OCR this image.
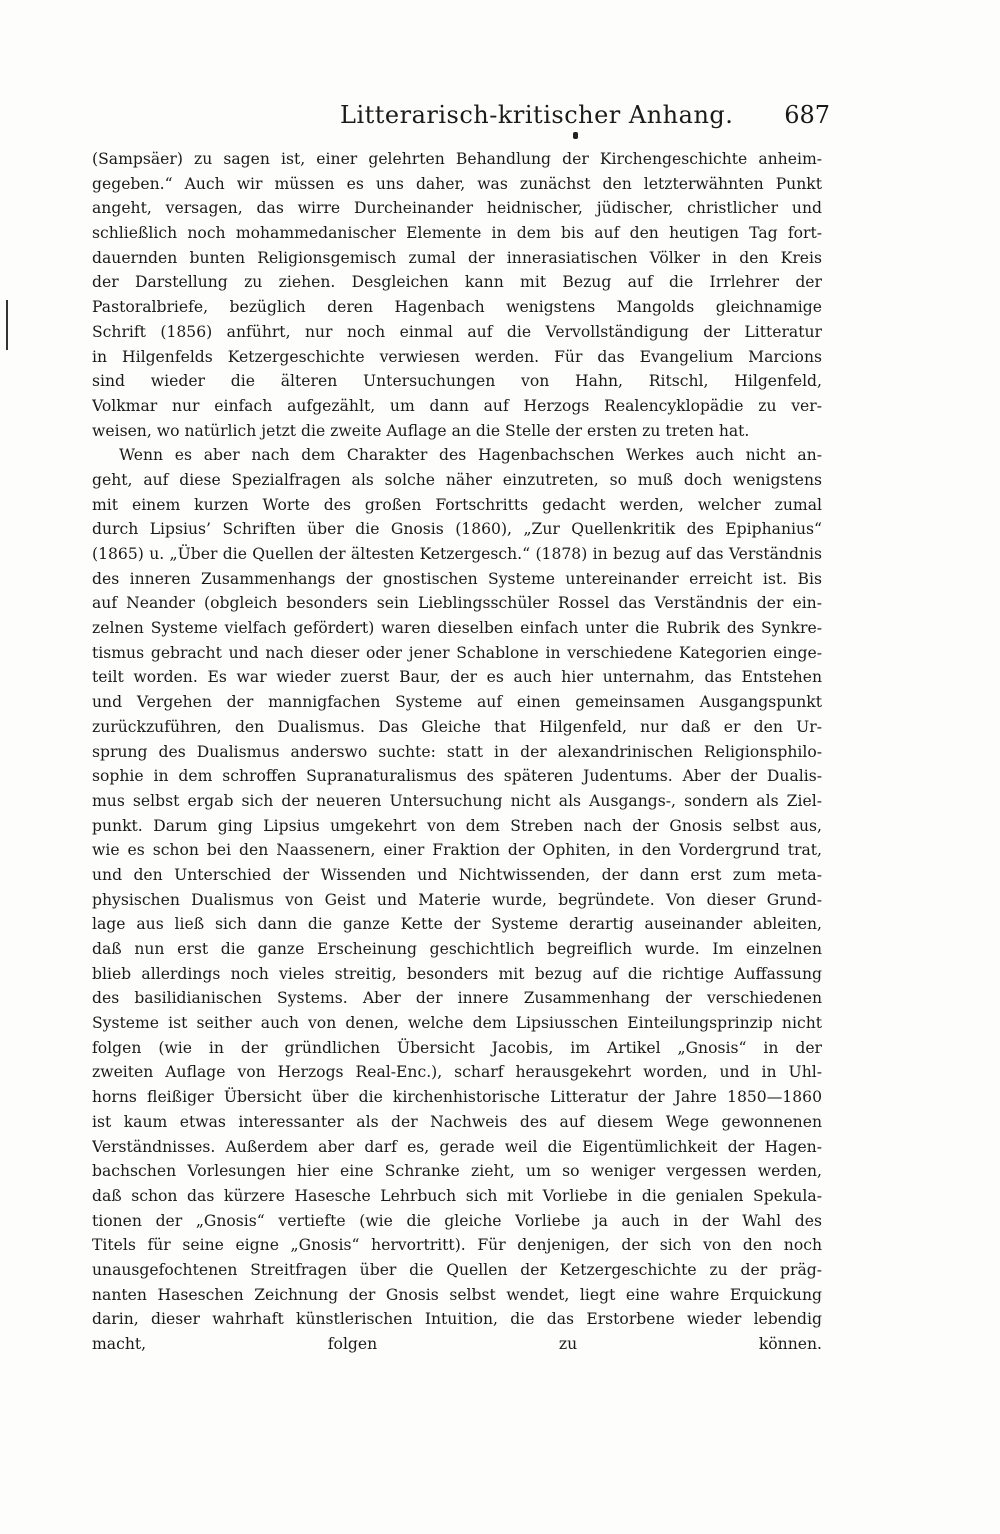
Litterarisch-kritischer Anhang. 687
(Sampsäer) zu sagen ist, einer gelehrten Behandlung der Kirchengeschichte anheim-
gegeben.“ Auch wir müssen es uns daher, was zunächst den letzterwähnten Punkt
angeht, versagen, das wirre Durcheinander heidnischer, jüdischer, christlicher und
schließlich noch mohammedanischer Elemente in dem bis auf den heutigen Tag fort-
dauernden bunten Religionsgemisch zumal der innerasiatischen Völker in den Kreis
der Darstellung zu ziehen. Desgleichen kann mit Bezug auf die Irrlehrer der
Pastoralbriefe, bezüglich deren Hagenbach wenigstens Mangolds gleichnamige
Schrift (1856) anführt, nur noch einmal auf die Vervollständigung der Litteratur
in Hilgenfelds Ketzergeschichte verwiesen werden. Für das Evangelium Marcions
sind wieder die älteren Untersuchungen von Hahn, Ritschl, Hilgenfeld,
Volkmar nur einfach aufgezählt, um dann auf Herzogs Realencyklopädie zu ver-
weisen, wo natürlich jetzt die zweite Auflage an die Stelle der ersten zu treten hat.
Wenn es aber nach dem Charakter des Hagenbachschen Werkes auch nicht an-
geht, auf diese Spezialfragen als solche näher einzutreten, so muß doch wenigstens
mit einem kurzen Worte des großen Fortschritts gedacht werden, welcher zumal
durch Lipsius’ Schriften über die Gnosis (1860), „Zur Quellenkritik des Epiphanius“
(1865) u. „Über die Quellen der ältesten Ketzergesch.“ (1878) in bezug auf das Verständnis
des inneren Zusammenhangs der gnostischen Systeme untereinander erreicht ist. Bis
auf Neander (obgleich besonders sein Lieblingsschüler Rossel das Verständnis der ein-
zelnen Systeme vielfach gefördert) waren dieselben einfach unter die Rubrik des Synkre-
tismus gebracht und nach dieser oder jener Schablone in verschiedene Kategorien einge-
teilt worden. Es war wieder zuerst Baur, der es auch hier unternahm, das Entstehen
und Vergehen der mannigfachen Systeme auf einen gemeinsamen Ausgangspunkt
zurückzuführen, den Dualismus. Das Gleiche that Hilgenfeld, nur daß er den Ur-
sprung des Dualismus anderswo suchte: statt in der alexandrinischen Religionsphilo-
sophie in dem schroffen Supranaturalismus des späteren Judentums. Aber der Dualis-
mus selbst ergab sich der neueren Untersuchung nicht als Ausgangs-, sondern als Ziel-
punkt. Darum ging Lipsius umgekehrt von dem Streben nach der Gnosis selbst aus,
wie es schon bei den Naassenern, einer Fraktion der Ophiten, in den Vordergrund trat,
und den Unterschied der Wissenden und Nichtwissenden, der dann erst zum meta-
physischen Dualismus von Geist und Materie wurde, begründete. Von dieser Grund-
lage aus ließ sich dann die ganze Kette der Systeme derartig auseinander ableiten,
daß nun erst die ganze Erscheinung geschichtlich begreiflich wurde. Im einzelnen
blieb allerdings noch vieles streitig, besonders mit bezug auf die richtige Auffassung
des basilidianischen Systems. Aber der innere Zusammenhang der verschiedenen
Systeme ist seither auch von denen, welche dem Lipsiusschen Einteilungsprinzip nicht
folgen (wie in der gründlichen Übersicht Jacobis, im Artikel „Gnosis“ in der
zweiten Auflage von Herzogs Real-Enc.), scharf herausgekehrt worden, und in Uhl-
horns fleißiger Übersicht über die kirchenhistorische Litteratur der Jahre 1850—1860
ist kaum etwas interessanter als der Nachweis des auf diesem Wege gewonnenen
Verständnisses. Außerdem aber darf es, gerade weil die Eigentümlichkeit der Hagen-
bachschen Vorlesungen hier eine Schranke zieht, um so weniger vergessen werden,
daß schon das kürzere Hasesche Lehrbuch sich mit Vorliebe in die genialen Spekula-
tionen der „Gnosis“ vertiefte (wie die gleiche Vorliebe ja auch in der Wahl des
Titels für seine eigne „Gnosis“ hervortritt). Für denjenigen, der sich von den noch
unausgefochtenen Streitfragen über die Quellen der Ketzergeschichte zu der präg-
nanten Haseschen Zeichnung der Gnosis selbst wendet, liegt eine wahre Erquickung
darin, dieser wahrhaft künstlerischen Intuition, die das Erstorbene wieder lebendig
macht, folgen zu können.
